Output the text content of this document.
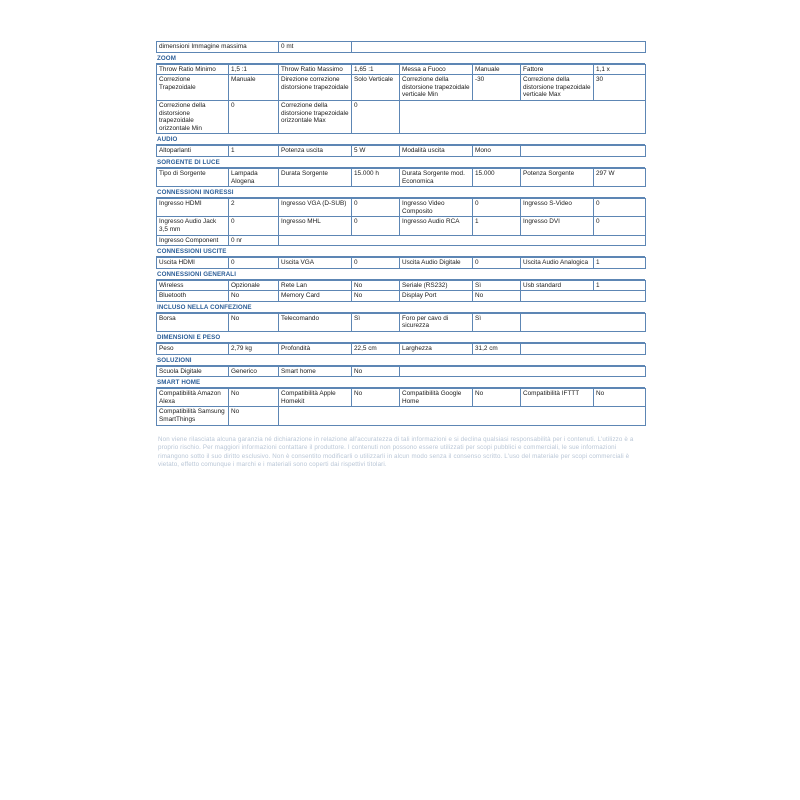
dimensioni Immagine massima	0 mt	
ZOOM
Throw Ratio Minimo	1,5 :1	Throw Ratio Massimo	1,65 :1	Messa a Fuoco	Manuale	Fattore	1,1 x
Correzione Trapezoidale	Manuale	Direzione correzione distorsione trapezoidale	Solo Verticale	Correzione della distorsione trapezoidale verticale Min	-30	Correzione della distorsione trapezoidale verticale Max	30
Correzione della distorsione trapezoidale orizzontale Min	0	Correzione della distorsione trapezoidale orizzontale Max	0				
AUDIO
Altoparlanti	1	Potenza uscita	5 W	Modalità uscita	Mono	
SORGENTE DI LUCE
Tipo di Sorgente	Lampada Alogena	Durata Sorgente	15.000 h	Durata Sorgente mod. Economica	15.000	Potenza Sorgente	297 W
CONNESSIONI INGRESSI
Ingresso HDMI	2	Ingresso VGA (D-SUB)	0	Ingresso Video Composito	0	Ingresso S-Video	0
Ingresso Audio Jack 3,5 mm	0	Ingresso MHL	0	Ingresso Audio RCA	1	Ingresso DVI	0
Ingresso Component	0 nr						
CONNESSIONI USCITE
Uscita HDMI	0	Uscita VGA	0	Uscita Audio Digitale	0	Uscita Audio Analogica	1
CONNESSIONI GENERALI
Wireless	Opzionale	Rete Lan	No	Seriale (RS232)	Sì	Usb standard	1
Bluetooth	No	Memory Card	No	Display Port	No		
INCLUSO NELLA CONFEZIONE
Borsa	No	Telecomando	Sì	Foro per cavo di sicurezza	Sì	
DIMENSIONI E PESO
Peso	2,79 kg	Profondità	22,5 cm	Larghezza	31,2 cm	
SOLUZIONI
Scuola Digitale	Generico	Smart home	No	
SMART HOME
Compatibilità Amazon Alexa	No	Compatibilità Apple Homekit	No	Compatibilità Google Home	No	Compatibilità IFTTT	No
Compatibilità Samsung SmartThings	No						
Non viene rilasciata alcuna garanzia né dichiarazione in relazione all'accuratezza di tali informazioni e si declina qualsiasi responsabilità per i contenuti. L'utilizzo è a proprio rischio. Per maggiori informazioni contattare il produttore. I contenuti non possono essere utilizzati per scopi pubblici e commerciali, le sue informazioni rimangono sotto il suo diritto esclusivo. Non è consentito modificarli o utilizzarli in alcun modo senza il consenso scritto. L'uso del materiale per scopi commerciali è vietato, effetto comunque i marchi e i materiali sono coperti dai rispettivi titolari.
